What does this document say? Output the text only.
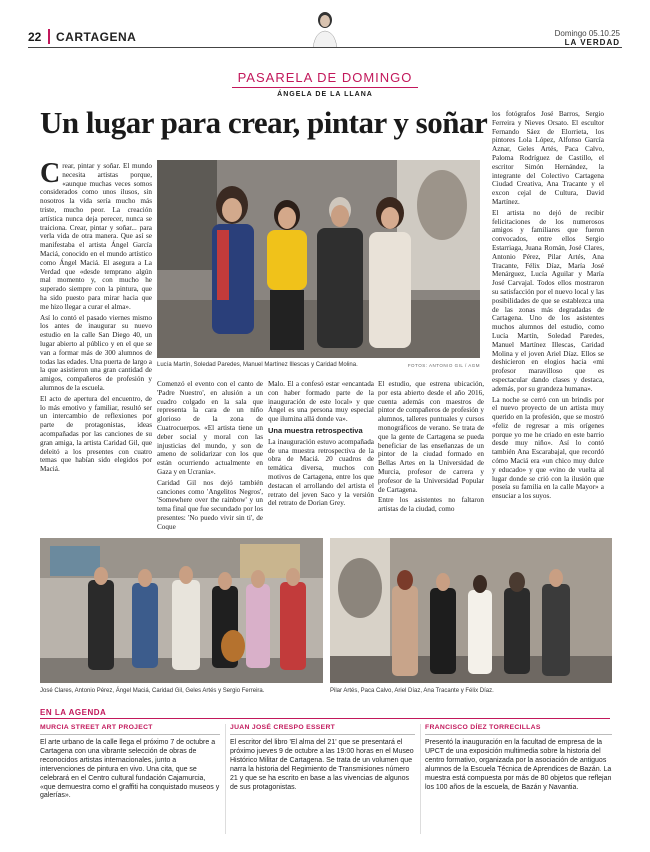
22 CARTAGENA	Domingo 05.10.25
LA VERDAD
PASARELA DE DOMINGO
ÁNGELA DE LA LLANA
Un lugar para crear, pintar y soñar

Crear, pintar y soñar. El mundo necesita artistas porque, «aunque muchas veces somos considerados como unos ilusos, sin nosotros la vida sería mucho más triste, mucho peor. La creación artística nunca deja perecer, nunca se traiciona. Crear, pintar y soñar... para verla vida de otra manera. Que así se manifestaba el artista Ángel García Maciá, conocido en el mundo artístico como Ángel Maciá. El asegura a La Verdad que «desde temprano algún mal momento y, con mucho he superado siempre con la pintura, que ha sido puesto para mirar hacia que me hizo llegar a curar el alma».

Así lo contó el pasado viernes mismo los antes de inaugurar su nuevo estudio en la calle San Diego 40, un lugar abierto al público y en el que se van a formar más de 300 alumnos de todas las edades. Una puerta de largo a la que asistieron una gran cantidad de amigos, compañeros de profesión y alumnos de la escuela.

El acto de apertura del encuentro, de lo más emotivo y familiar, resultó ser un intercambio de reflexiones por parte de protagonistas, ideas acompañadas por las canciones de su gran amiga, la artista Caridad Gil, que deleitó a los presentes con cuatro temas que habían sido elegidos por Maciá.

Lucía Martín, Soledad Paredes, Manuel Martínez Illescas y Caridad Molina.	FOTOS: ANTONIO GIL / AGM

Comenzó el evento con el canto de 'Padre Nuestro', en alusión a un cuadro colgado en la sala que representa la cara de un niño glorioso de la zona de Cuatrocuerpos. «El artista tiene un deber social y moral con las injusticias del mundo, y son de ameno de solidarizar con los que están ocurriendo actualmente en Gaza y en Ucrania».

Caridad Gil nos dejó también canciones como 'Angelitos Negros', 'Somewhere over the rainbow' y un tema final que fue secundado por los presentes: 'No puedo vivir sin ti', de Coque

Malo. El a confesó estar «encantada con haber formado parte de la inauguración de este local» y que Ángel es una persona muy especial que ilumina allá donde va».

Una muestra retrospectiva

La inauguración estuvo acompañada de una muestra retrospectiva de la obra de Maciá. 20 cuadros de temática diversa, muchos con motivos de Cartagena, entre los que destacan el arrollando del artista el retrato del jeven Saco y la versión del retrato de Dorian Grey.

El estudio, que estrena ubicación, por esta abierto desde el año 2016, cuenta además con maestros de pintor de compañeros de profesión y alumnos, talleres puntuales y cursos monográficos de verano. Se trata de que la gente de Cartagena se pueda beneficiar de las enseñanzas de un pintor de la ciudad formado en Bellas Artes en la Universidad de Murcia, profesor de carrera y profesor de la Universidad Popular de Cartagena.

Entre los asistentes no faltaron artistas de la ciudad, como

los fotógrafos José Barros, Sergio Ferreira y Nieves Orsato. El escultor Fernando Sáez de Elorrieta, los pintores Lola López, Alfonso García Aznar, Geles Artés, Paca Calvo, Paloma Rodríguez de Castillo, el escritor Simón Hernández, la integrante del Colectivo Cartagena Ciudad Creativa, Ana Tracante y el excon cejal de Cultura, David Martínez.

El artista no dejó de recibir felicitaciones de los numerosos amigos y familiares que fueron convocados, entre ellos Sergio Estarriaga, Juana Román, José Clares, Antonio Pérez, Pilar Artés, Ana Tracante, Félix Díaz, María José Menárguez, Lucía Aguilar y María José Carvajal. Todos ellos mostraron su satisfacción por el nuevo local y las posibilidades de que se establezca una de las zonas más degradadas de Cartagena. Uno de los asistentes muchos alumnos del estudio, como Lucía Martín, Soledad Paredes, Manuel Martínez Illescas, Caridad Molina y el joven Ariel Díaz. Ellos se deshicieron en elogios hacia «mi profesor maravilloso que es espectacular dando clases y destaca, además, por su grandeza humana».

La noche se cerró con un brindis por el nuevo proyecto de un artista muy querido en la profesión, que se mostró «feliz de regresar a mis orígenes porque yo me he criado en este barrio desde muy niño». Así lo contó también Ana Escarabajal, que recordó cómo Maciá era «un chico muy dulce y educado» y que «vino de vuelta al lugar donde se crió con la ilusión que poseía su familia en la calle Mayor» a ensuciar a los suyos.

José Clares, Antonio Pérez, Ángel Maciá, Caridad Gil, Geles Artés y Sergio Ferreira.	Pilar Artés, Paca Calvo, Ariel Díaz, Ana Tracante y Félix Díaz.
EN LA AGENDA
MURCIA STREET ART PROJECT
El arte urbano de la calle llega el próximo 7 de octubre a Cartagena con una vibrante selección de obras de reconocidos artistas internacionales, junto a intervenciones de pintura en vivo. Una cita, que se celebrará en el Centro cultural fundación Cajamurcia, «que demuestra como el graffiti ha conquistado museos y galerías».
JUAN JOSÉ CRESPO ESSERT
El escritor del libro 'El alma del 21' que se presentará el próximo jueves 9 de octubre a las 19:00 horas en el Museo Histórico Militar de Cartagena. Se trata de un volumen que narra la historia del Regimiento de Transmisiones número 21 y que se ha escrito en base a las vivencias de algunos de sus protagonistas.
FRANCISCO DÍEZ TORRECILLAS
Presentó la inauguración en la facultad de empresa de la UPCT de una exposición multimedia sobre la historia del centro formativo, organizada por la asociación de antiguos alumnos de la Escuela Técnica de Aprendices de Bazán. La muestra está compuesta por más de 80 objetos que reflejan los 100 años de la escuela, de Bazán y Navantia.
